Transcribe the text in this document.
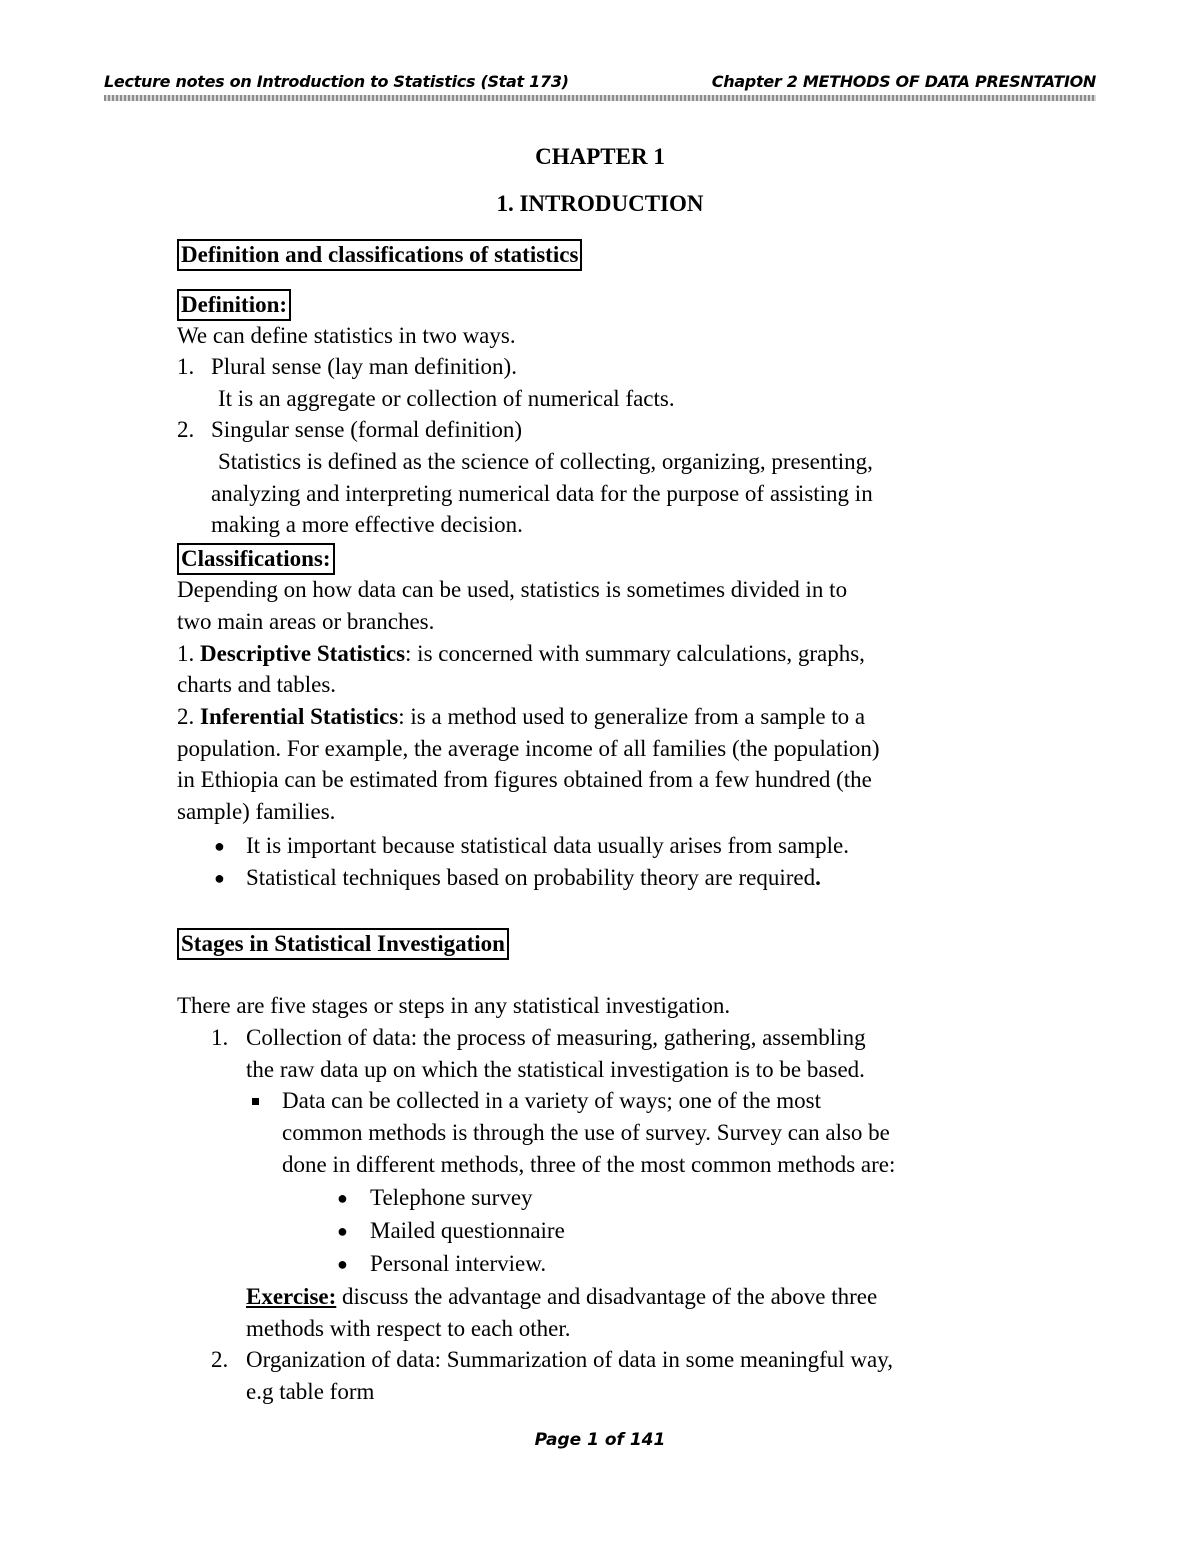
Lecture notes on Introduction to Statistics (Stat 173)	Chapter 2 METHODS OF DATA PRESNTATION
CHAPTER 1
1. INTRODUCTION
Definition and classifications of statistics
Definition:
We can define statistics in two ways.
1. Plural sense (lay man definition).
It is an aggregate or collection of numerical facts.
2. Singular sense (formal definition)
Statistics is defined as the science of collecting, organizing, presenting,
analyzing and interpreting numerical data for the purpose of assisting in
making a more effective decision.
Classifications:
Depending on how data can be used, statistics is sometimes divided in to
two main areas or branches.
1. Descriptive Statistics: is concerned with summary calculations, graphs,
charts and tables.
2. Inferential Statistics: is a method used to generalize from a sample to a
population. For example, the average income of all families (the population)
in Ethiopia can be estimated from figures obtained from a few hundred (the
sample) families.
● It is important because statistical data usually arises from sample.
● Statistical techniques based on probability theory are required.
Stages in Statistical Investigation
There are five stages or steps in any statistical investigation.
1. Collection of data: the process of measuring, gathering, assembling
the raw data up on which the statistical investigation is to be based.
Data can be collected in a variety of ways; one of the most
common methods is through the use of survey. Survey can also be
done in different methods, three of the most common methods are:
● Telephone survey
● Mailed questionnaire
● Personal interview.
Exercise: discuss the advantage and disadvantage of the above three
methods with respect to each other.
2. Organization of data: Summarization of data in some meaningful way,
e.g table form
Page 1 of 141
